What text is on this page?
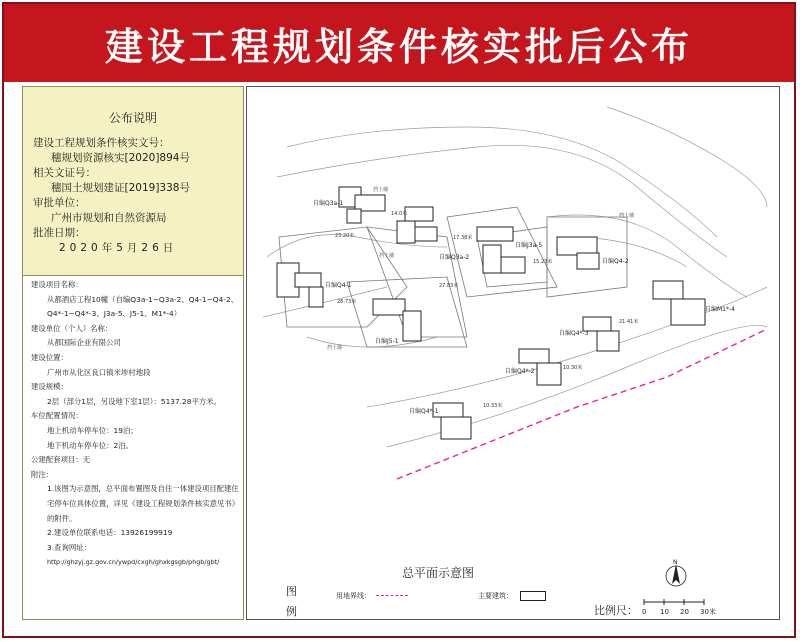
建设工程规划条件核实批后公布
公布说明
建设工程规划条件核实文号：
穗规划资源核实[2020]894号
相关文证号：
穗国土规划建证[2019]338号
审批单位：
广州市规划和自然资源局
批准日期：
2020年5月26日
建设项目名称：
从都酒店工程10幢（自编Q3a-1~Q3a-2、Q4-1~Q4-2、
Q4*-1~Q4*-3、J3a-5、J5-1、M1*-4）
建设单位（个人）名称：
从都国际企业有限公司
建设位置：
广州市从化区良口镇米埗村地段
建设规模：
2层（部分1层，另设地下室1层）：5137.28平方米。
车位配置情况：
地上机动车停车位：19泊；
地下机动车停车位：2泊。
公建配套项目：无
附注：
1.该图为示意图，总平面布置图及自住一体建设项目配建住
宅停车位具体位置，详见《建设工程规划条件核实意见书》
的附件。
2.建设单位联系电话：13926199919
3.查询网址：
http://ghzyj.gz.gov.cn/ywpd/cxgh/ghxkgsgb/phgb/gbt/
自编Q3a-1
自编Q3a-2
自编J3a-5
自编Q4-2
自编Q4-1
自编J5-1
自编Q4*-3
自编M1*-4
自编Q4*-2
自编Q4*-1
14.0米
17.38米
15.23米
28.73米
27.83米
21.41米
10.30米
10.33米
23.20米
挡土墙
挡土墙
挡土墙
挡土墙
总平面示意图
图例
用地界线：	主要建筑：
比例尺： 0 10 20 30米
N
